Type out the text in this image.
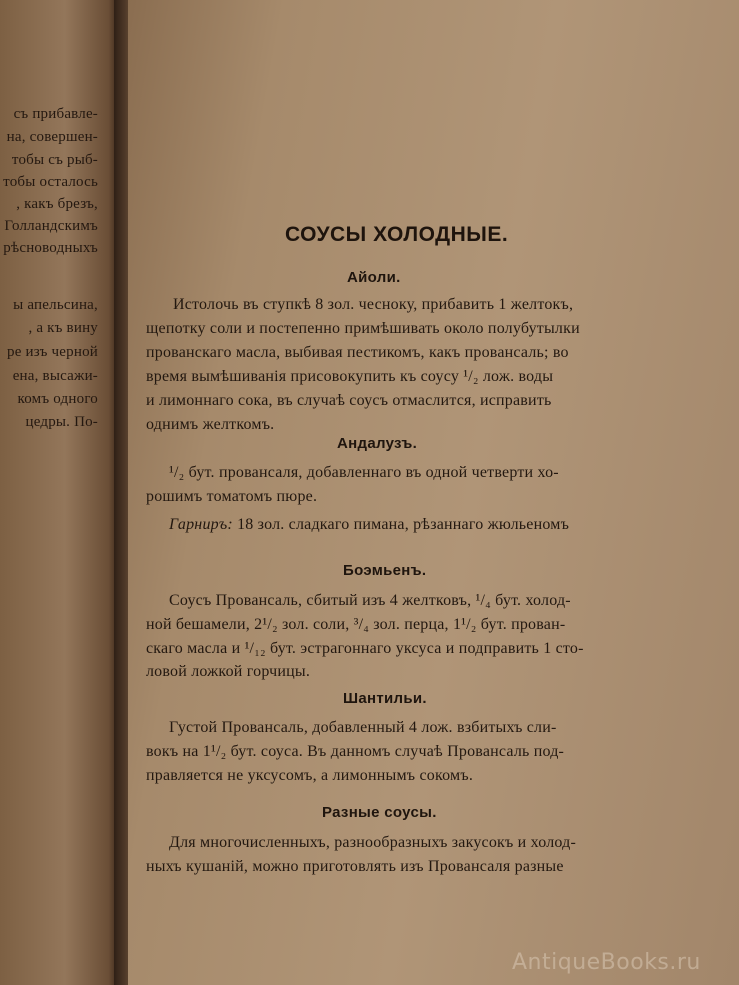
съ прибавле-
на, совершен-
тобы съ рыб-
тобы осталось
, какъ брезъ,
Голландскимъ
рѣсноводныхъ
ы апельсина,
, а къ вину
ре изъ черной
ена, высажи-
комъ одного
цедры. По-
СОУСЫ ХОЛОДНЫЕ.
Айоли.
Истолочь въ ступкѣ 8 зол. чесноку, прибавить 1 желтокъ,
щепотку соли и постепенно примѣшивать около полубутылки
прованскаго масла, выбивая пестикомъ, какъ провансаль; во
время вымѣшиванія присовокупить къ соусу ¹/₂ лож. воды
и лимоннаго сока, въ случаѣ соусъ отмаслится, исправить
однимъ желткомъ.
Андалузъ.
¹/₂ бут. провансаля, добавленнаго въ одной четверти хо-
рошимъ томатомъ пюре.
Гарниръ: 18 зол. сладкаго пимана, рѣзаннаго жюльеномъ
Боэмьенъ.
Соусъ Провансаль, сбитый изъ 4 желтковъ, ¹/₄ бут. холод-
ной бешамели, 2¹/₂ зол. соли, ³/₄ зол. перца, 1¹/₂ бут. прован-
скаго масла и ¹/₁₂ бут. эстрагоннаго уксуса и подправить 1 сто-
ловой ложкой горчицы.
Шантильи.
Густой Провансаль, добавленный 4 лож. взбитыхъ сли-
вокъ на 1¹/₂ бут. соуса. Въ данномъ случаѣ Провансаль под-
правляется не уксусомъ, а лимоннымъ сокомъ.
Разные соусы.
Для многочисленныхъ, разнообразныхъ закусокъ и холод-
ныхъ кушаній, можно приготовлять изъ Провансаля разные
AntiqueBooks.ru
